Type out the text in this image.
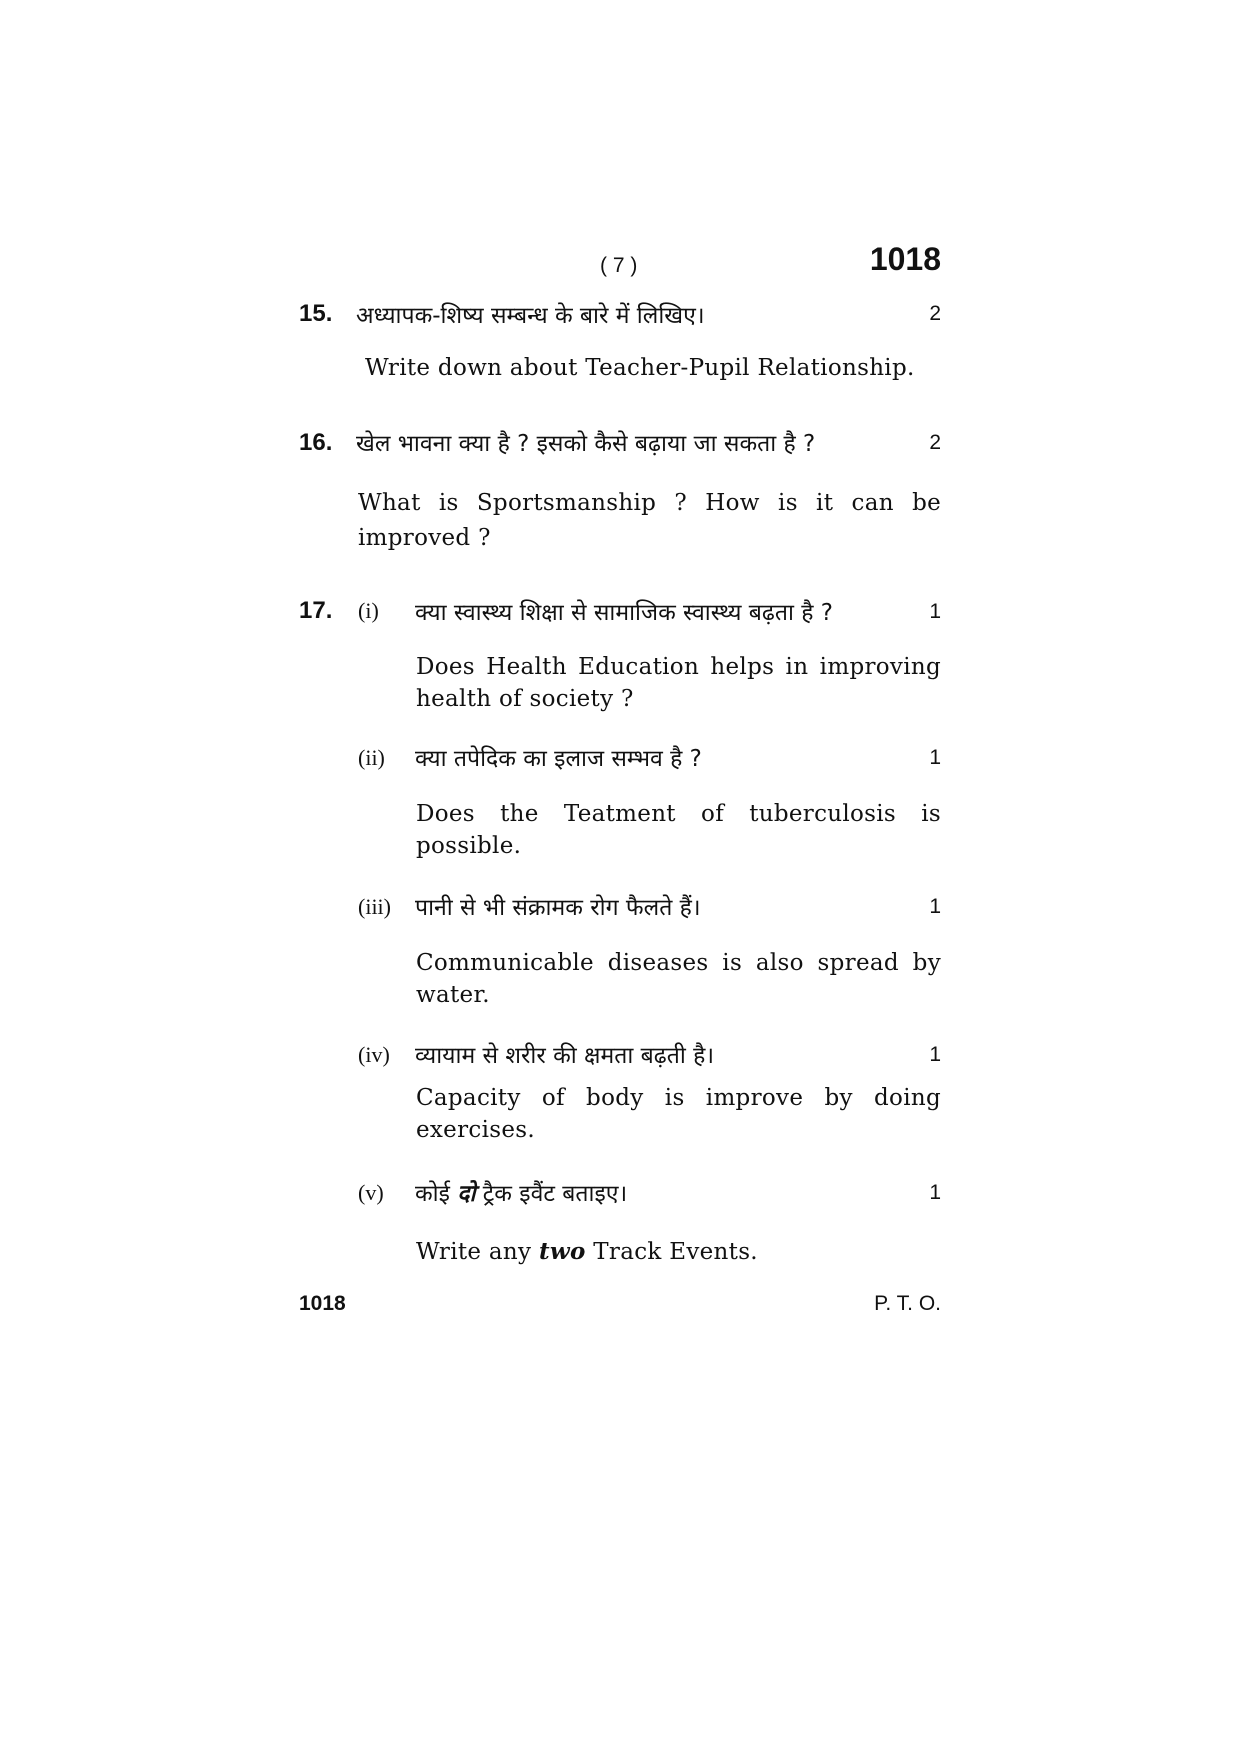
( 7 )	1018
15. अध्यापक-शिष्य सम्बन्ध के बारे में लिखिए।	2
Write down about Teacher-Pupil Relationship.
16. खेल भावना क्या है ? इसको कैसे बढ़ाया जा सकता है ?	2
What is Sportsmanship ? How is it can be
improved ?
17. (i) क्या स्वास्थ्य शिक्षा से सामाजिक स्वास्थ्य बढ़ता है ?	1
Does Health Education helps in improving
health of society ?
(ii) क्या तपेदिक का इलाज सम्भव है ?	1
Does the Teatment of tuberculosis is
possible.
(iii) पानी से भी संक्रामक रोग फैलते हैं।	1
Communicable diseases is also spread by
water.
(iv) व्यायाम से शरीर की क्षमता बढ़ती है।	1
Capacity of body is improve by doing
exercises.
(v) कोई दो ट्रैक इवैंट बताइए।	1
Write any two Track Events.
1018	P. T. O.
